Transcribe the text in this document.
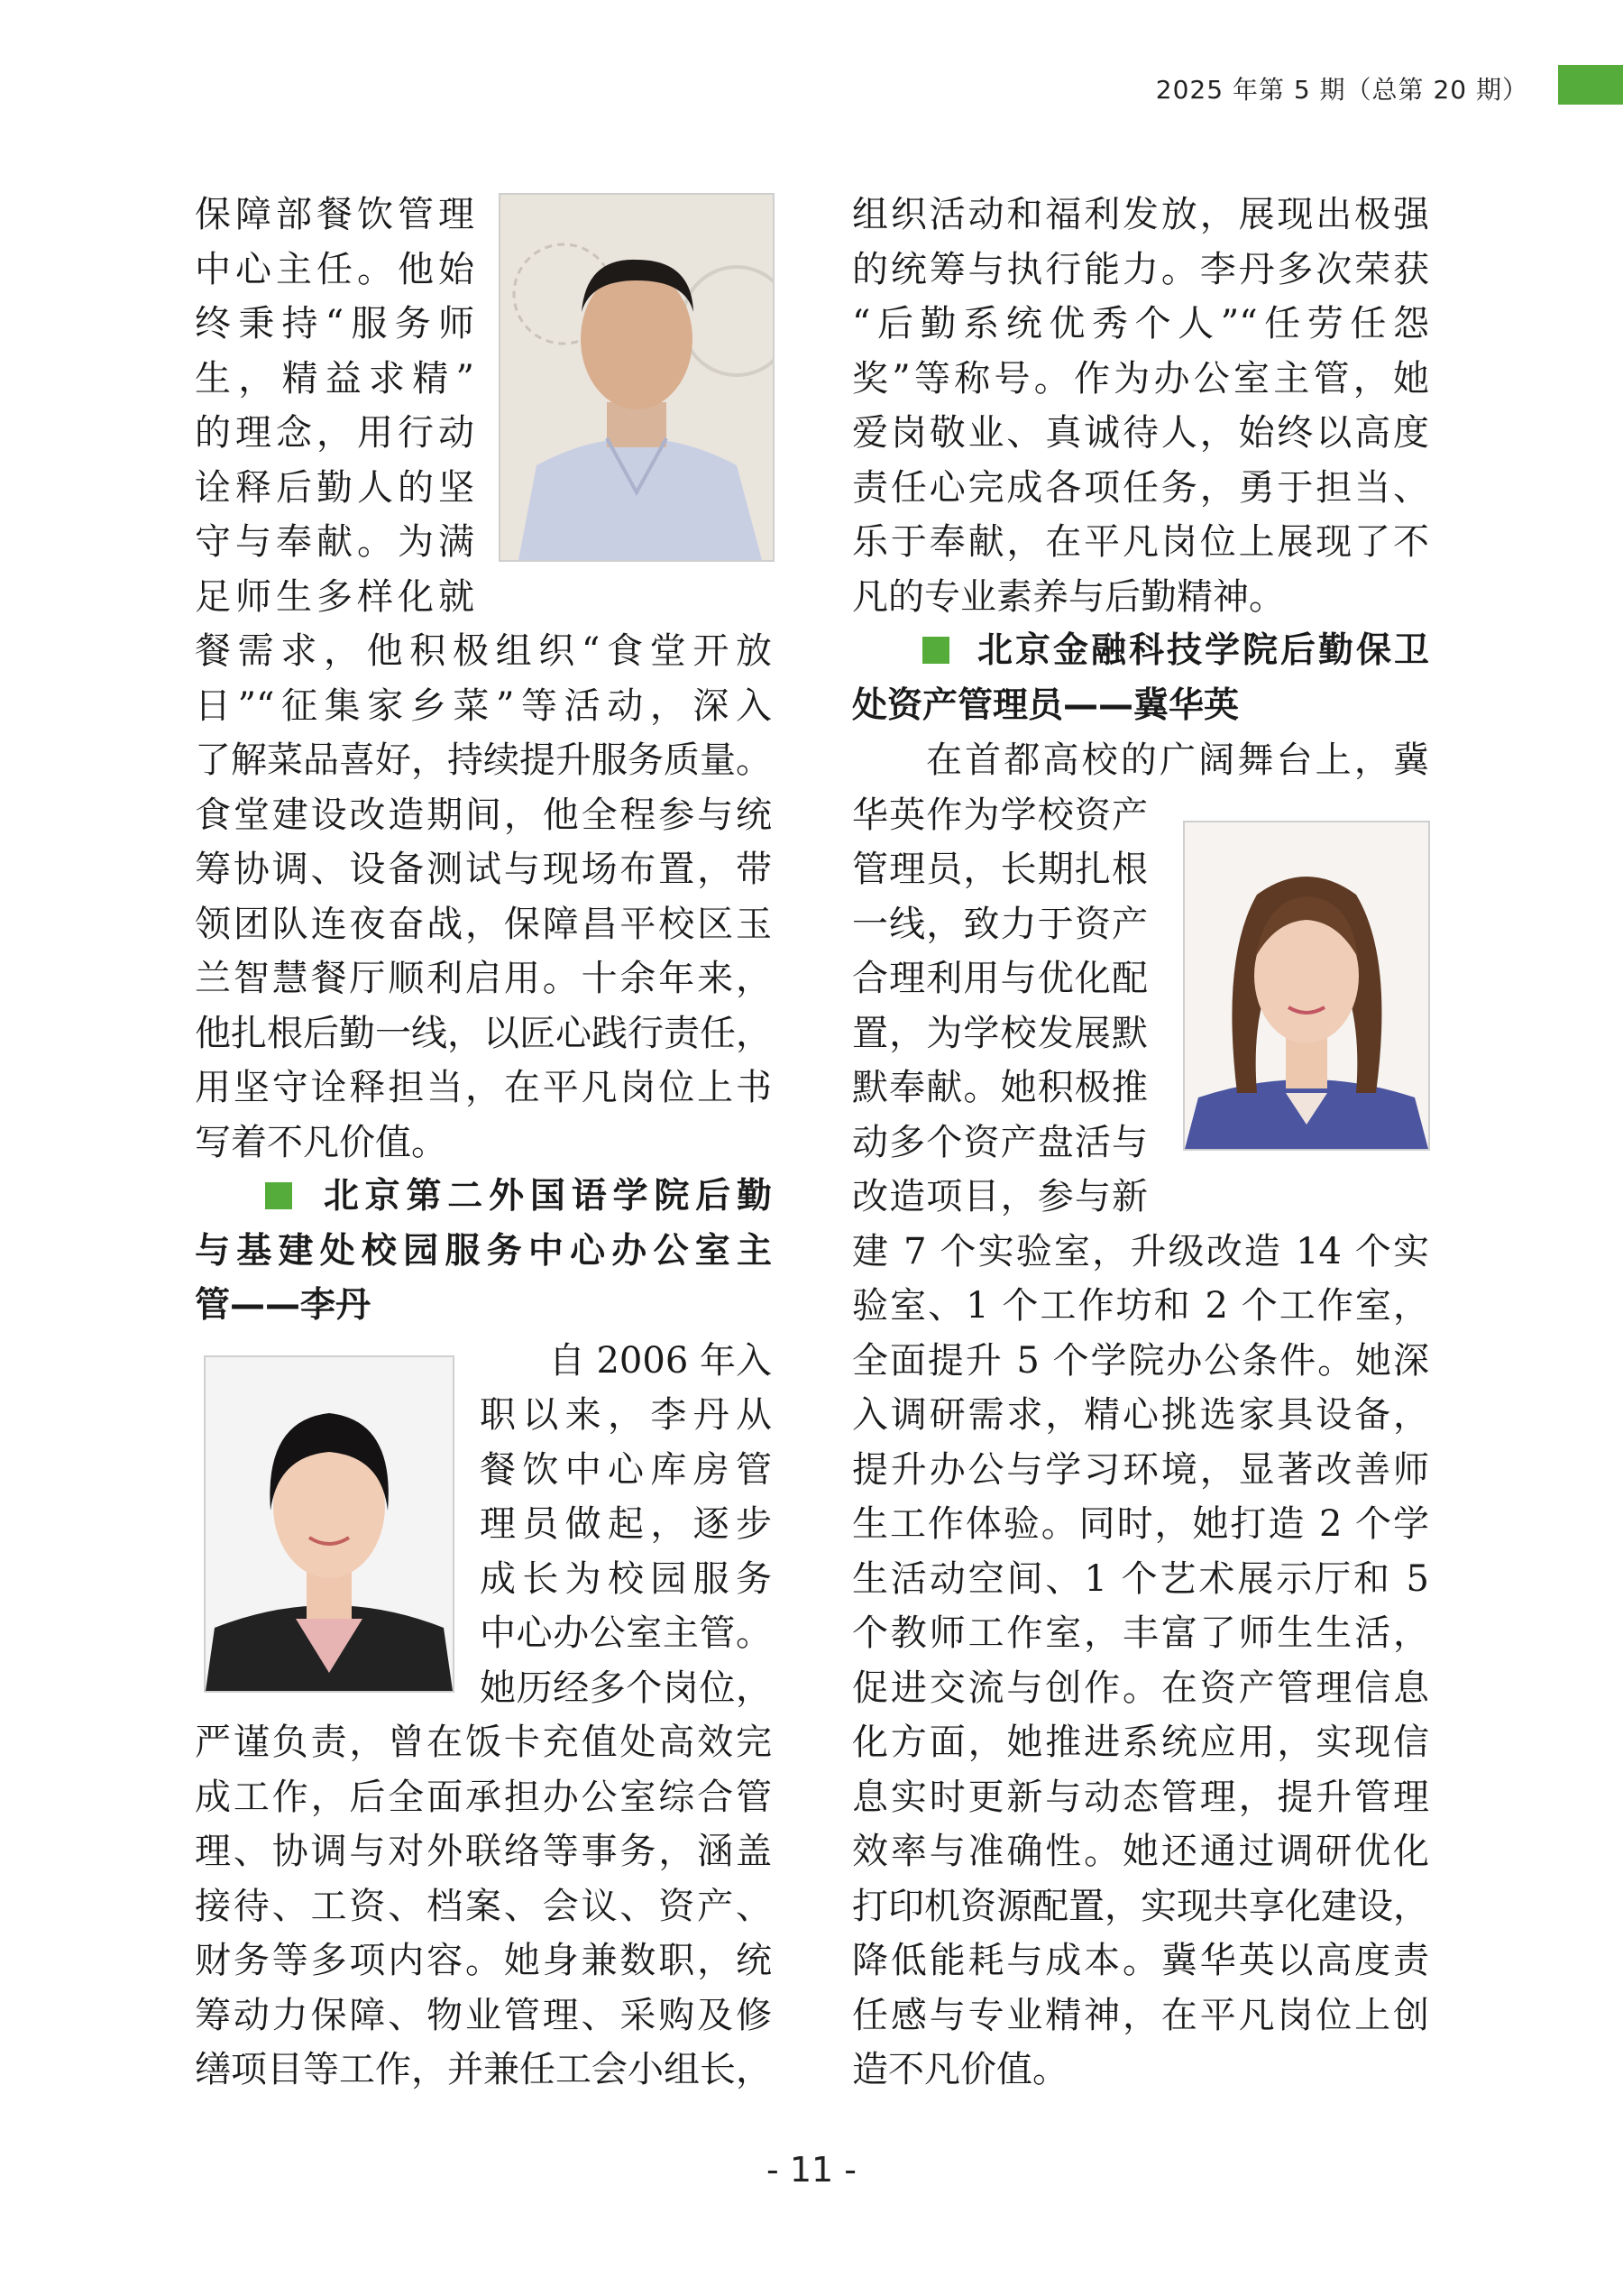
2025 年第 5 期（总第 20 期）
保障部餐饮管理
中心主任。他始
终秉持“服务师
生，精益求精”
的理念，用行动
诠释后勤人的坚
守与奉献。为满
足师生多样化就
餐需求，他积极组织“食堂开放
日”“征集家乡菜”等活动，深入
了解菜品喜好，持续提升服务质量。
食堂建设改造期间，他全程参与统
筹协调、设备测试与现场布置，带
领团队连夜奋战，保障昌平校区玉
兰智慧餐厅顺利启用。十余年来，
他扎根后勤一线，以匠心践行责任，
用坚守诠释担当，在平凡岗位上书
写着不凡价值。
北京第二外国语学院后勤
与基建处校园服务中心办公室主
管——李丹
自 2006 年入
职以来，李丹从
餐饮中心库房管
理员做起，逐步
成长为校园服务
中心办公室主管。
她历经多个岗位，
严谨负责，曾在饭卡充值处高效完
成工作，后全面承担办公室综合管
理、协调与对外联络等事务，涵盖
接待、工资、档案、会议、资产、
财务等多项内容。她身兼数职，统
筹动力保障、物业管理、采购及修
缮项目等工作，并兼任工会小组长，
组织活动和福利发放，展现出极强
的统筹与执行能力。李丹多次荣获
“后勤系统优秀个人”“任劳任怨
奖”等称号。作为办公室主管，她
爱岗敬业、真诚待人，始终以高度
责任心完成各项任务，勇于担当、
乐于奉献，在平凡岗位上展现了不
凡的专业素养与后勤精神。
北京金融科技学院后勤保卫
处资产管理员——冀华英
在首都高校的广阔舞台上，冀
华英作为学校资产
管理员，长期扎根
一线，致力于资产
合理利用与优化配
置，为学校发展默
默奉献。她积极推
动多个资产盘活与
改造项目，参与新
建 7 个实验室，升级改造 14 个实
验室、1 个工作坊和 2 个工作室，
全面提升 5 个学院办公条件。她深
入调研需求，精心挑选家具设备，
提升办公与学习环境，显著改善师
生工作体验。同时，她打造 2 个学
生活动空间、1 个艺术展示厅和 5
个教师工作室，丰富了师生生活，
促进交流与创作。在资产管理信息
化方面，她推进系统应用，实现信
息实时更新与动态管理，提升管理
效率与准确性。她还通过调研优化
打印机资源配置，实现共享化建设，
降低能耗与成本。冀华英以高度责
任感与专业精神，在平凡岗位上创
造不凡价值。
- 11 -
